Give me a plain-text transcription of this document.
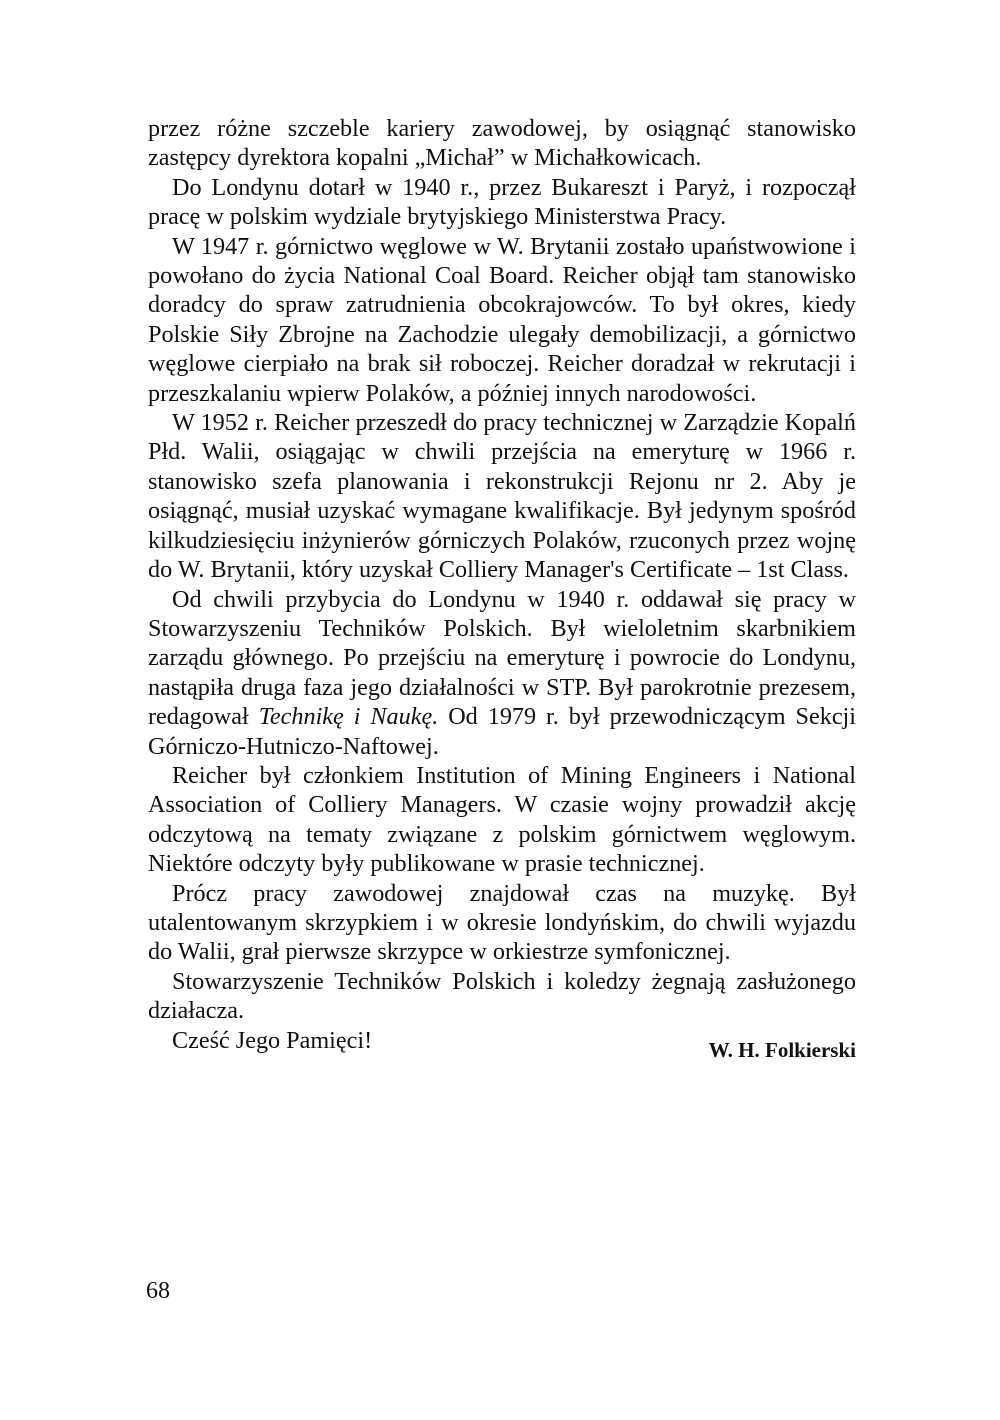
przez różne szczeble kariery zawodowej, by osiągnąć stanowisko zastępcy dyrektora kopalni „Michał” w Michałkowicach.

Do Londynu dotarł w 1940 r., przez Bukareszt i Paryż, i rozpoczął pracę w polskim wydziale brytyjskiego Ministerstwa Pracy.

W 1947 r. górnictwo węglowe w W. Brytanii zostało upaństwowione i powołano do życia National Coal Board. Reicher objął tam stanowisko doradcy do spraw zatrudnienia obcokrajowców. To był okres, kiedy Polskie Siły Zbrojne na Zachodzie ulegały demobilizacji, a górnictwo węglowe cierpiało na brak sił roboczej. Reicher doradzał w rekrutacji i przeszkalaniu wpierw Polaków, a później innych narodowości.

W 1952 r. Reicher przeszedł do pracy technicznej w Zarządzie Kopalń Płd. Walii, osiągając w chwili przejścia na emeryturę w 1966 r. stanowisko szefa planowania i rekonstrukcji Rejonu nr 2. Aby je osiągnąć, musiał uzyskać wymagane kwalifikacje. Był jedynym spośród kilkudziesięciu inżynierów górniczych Polaków, rzuconych przez wojnę do W. Brytanii, który uzyskał Colliery Manager's Certificate – 1st Class.

Od chwili przybycia do Londynu w 1940 r. oddawał się pracy w Stowarzyszeniu Techników Polskich. Był wieloletnim skarbnikiem zarządu głównego. Po przejściu na emeryturę i powrocie do Londynu, nastąpiła druga faza jego działalności w STP. Był parokrotnie prezesem, redagował Technikę i Naukę. Od 1979 r. był przewodniczącym Sekcji Górniczo-Hutniczo-Naftowej.

Reicher był członkiem Institution of Mining Engineers i National Association of Colliery Managers. W czasie wojny prowadził akcję odczytową na tematy związane z polskim górnictwem węglowym. Niektóre odczyty były publikowane w prasie technicznej.

Prócz pracy zawodowej znajdował czas na muzykę. Był utalentowanym skrzypkiem i w okresie londyńskim, do chwili wyjazdu do Walii, grał pierwsze skrzypce w orkiestrze symfonicznej.

Stowarzyszenie Techników Polskich i koledzy żegnają zasłużonego działacza.

Cześć Jego Pamięci!	W. H. Folkierski
68
